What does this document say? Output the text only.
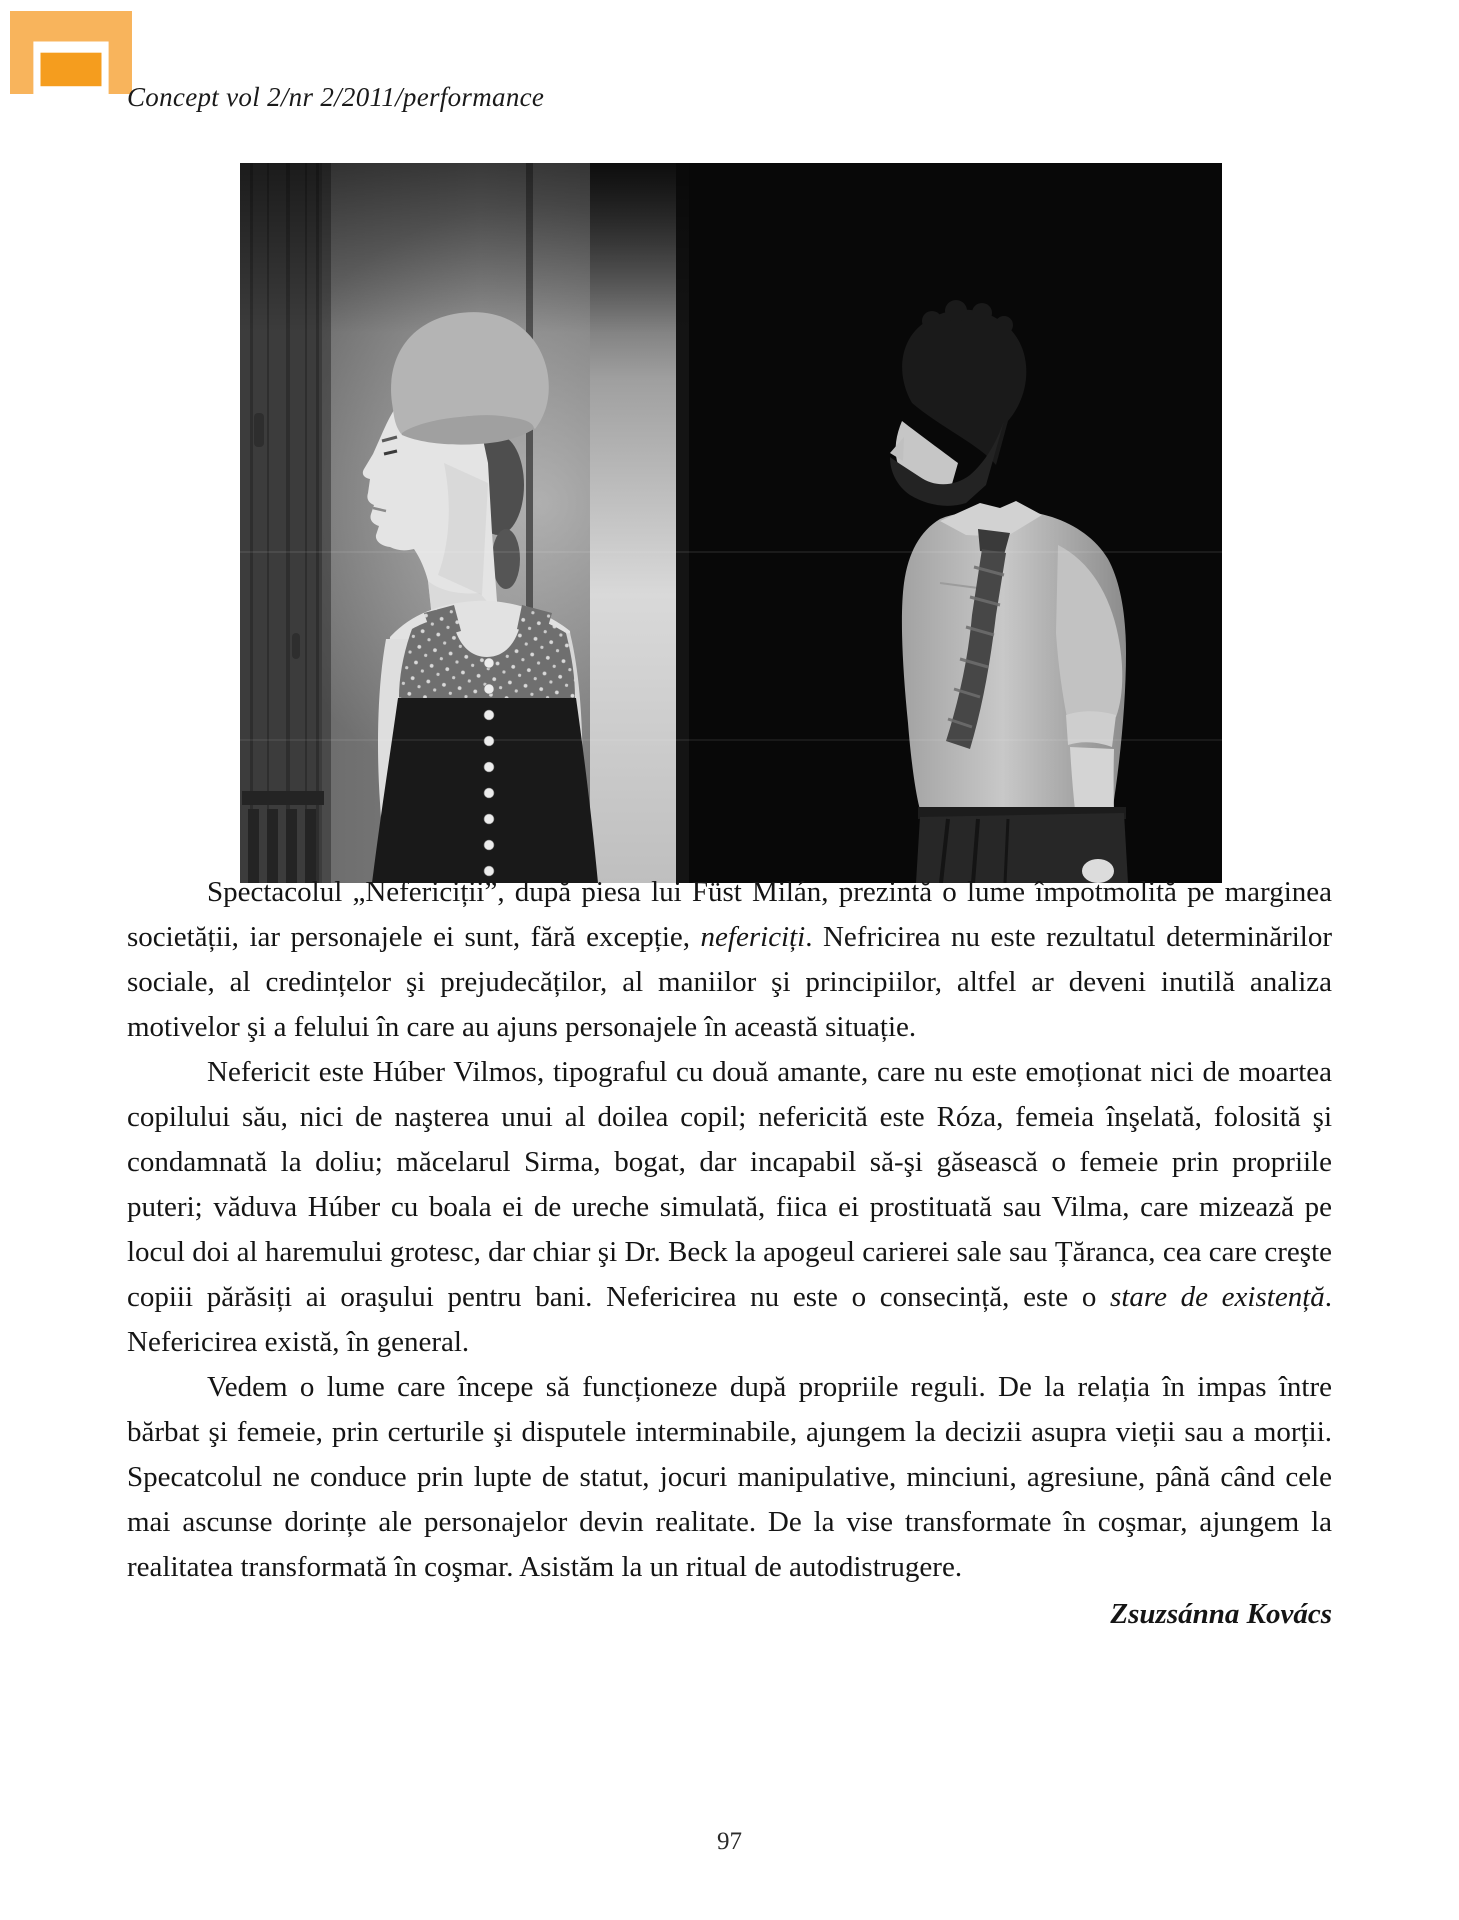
Concept vol 2/nr 2/2011/performance

Spectacolul „Nefericiții”, după piesa lui Füst Milán, prezintă o lume împotmolită pe marginea societății, iar personajele ei sunt, fără excepție, nefericiți. Nefricirea nu este rezultatul determinărilor sociale, al credințelor şi prejudecăților, al maniilor şi principiilor, altfel ar deveni inutilă analiza motivelor şi a felului în care au ajuns personajele în această situație.

Nefericit este Húber Vilmos, tipograful cu două amante, care nu este emoționat nici de moartea copilului său, nici de naşterea unui al doilea copil; nefericită este Róza, femeia înşelată, folosită şi condamnată la doliu; măcelarul Sirma, bogat, dar incapabil să-şi găsească o femeie prin propriile puteri; văduva Húber cu boala ei de ureche simulată, fiica ei prostituată sau Vilma, care mizează pe locul doi al haremului grotesc, dar chiar şi Dr. Beck la apogeul carierei sale sau Țăranca, cea care creşte copiii părăsiți ai oraşului pentru bani. Nefericirea nu este o consecință, este o stare de existență. Nefericirea există, în general.

Vedem o lume care începe să funcționeze după propriile reguli. De la relația în impas între bărbat şi femeie, prin certurile şi disputele interminabile, ajungem la decizii asupra vieții sau a morții. Specatcolul ne conduce prin lupte de statut, jocuri manipulative, minciuni, agresiune, până când cele mai ascunse dorințe ale personajelor devin realitate. De la vise transformate în coşmar, ajungem la realitatea transformată în coşmar. Asistăm la un ritual de autodistrugere.

Zsuzsánna Kovács
97
